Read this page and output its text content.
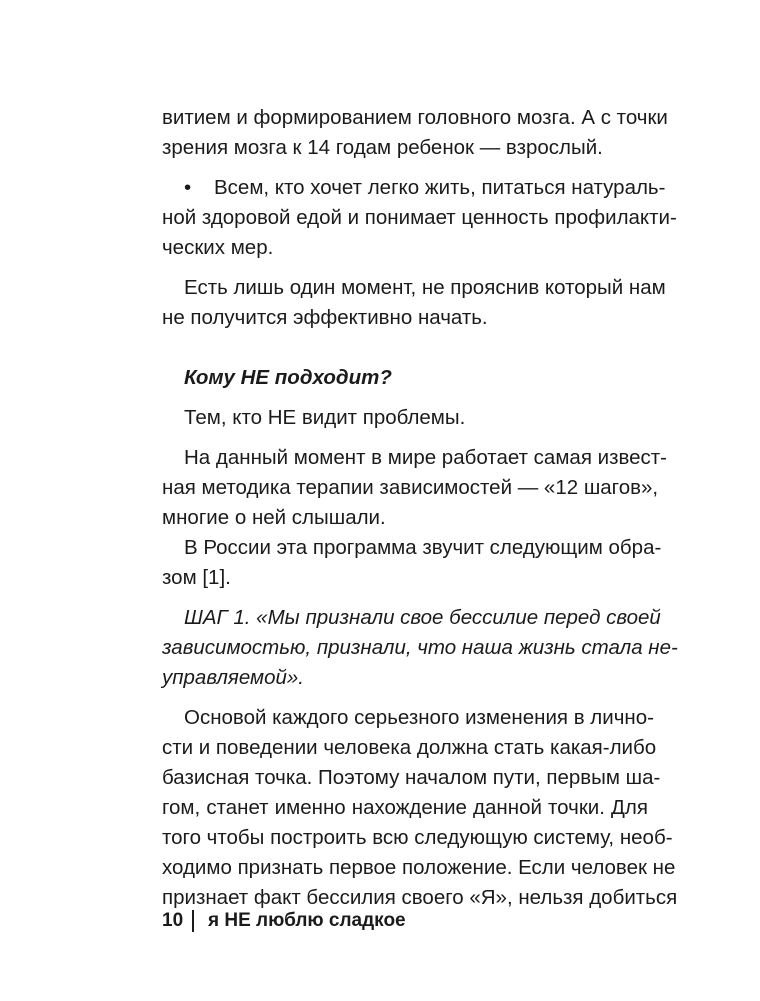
витием и формированием головного мозга. А с точки
зрения мозга к 14 годам ребенок — взрослый.
• Всем, кто хочет легко жить, питаться натураль-
ной здоровой едой и понимает ценность профилакти-
ческих мер.
Есть лишь один момент, не прояснив который нам
не получится эффективно начать.
Кому НЕ подходит?
Тем, кто НЕ видит проблемы.
На данный момент в мире работает самая извест-
ная методика терапии зависимостей — «12 шагов»,
многие о ней слышали.
В России эта программа звучит следующим обра-
зом [1].
ШАГ 1. «Мы признали свое бессилие перед своей
зависимостью, признали, что наша жизнь стала не-
управляемой».
Основой каждого серьезного изменения в лично-
сти и поведении человека должна стать какая-либо
базисная точка. Поэтому началом пути, первым ша-
гом, станет именно нахождение данной точки. Для
того чтобы построить всю следующую систему, необ-
ходимо признать первое положение. Если человек не
признает факт бессилия своего «Я», нельзя добиться
10 я НЕ люблю сладкое
